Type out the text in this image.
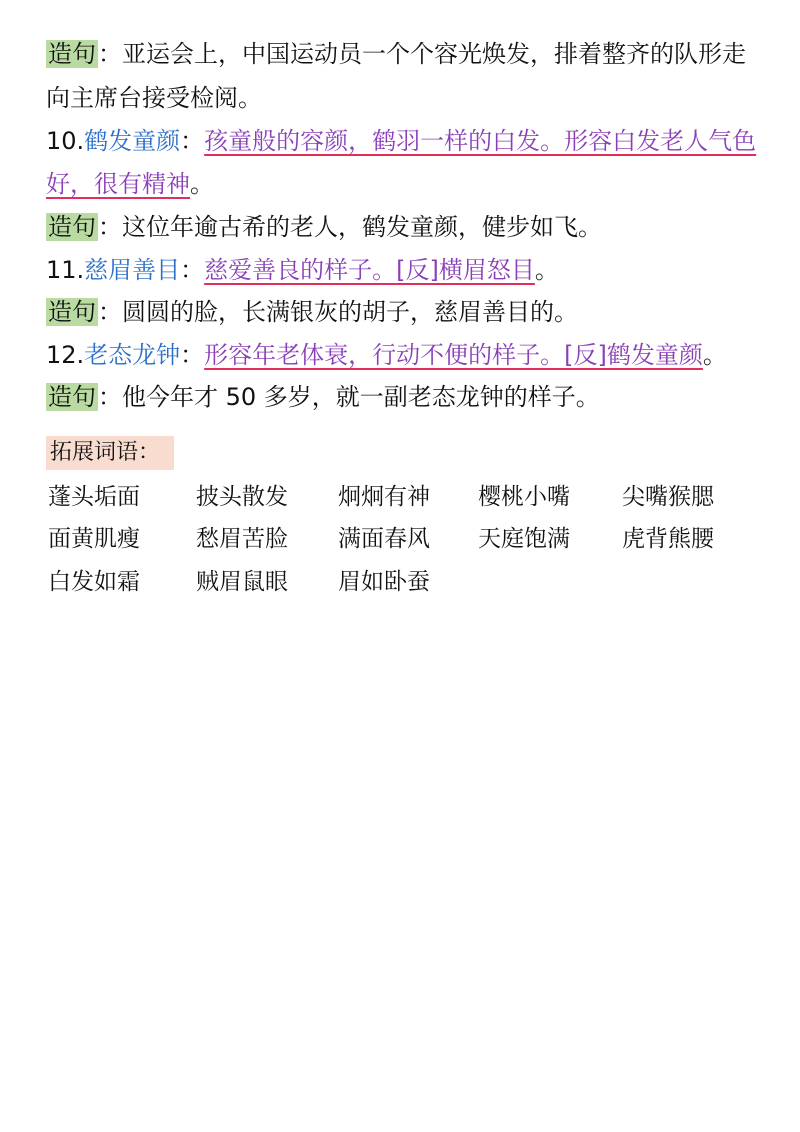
造句：亚运会上，中国运动员一个个容光焕发，排着整齐的队形走
向主席台接受检阅。
10.鹤发童颜：孩童般的容颜，鹤羽一样的白发。形容白发老人气色
好，很有精神。
造句：这位年逾古希的老人，鹤发童颜，健步如飞。
11.慈眉善目：慈爱善良的样子。[反]横眉怒目。
造句：圆圆的脸，长满银灰的胡子，慈眉善目的。
12.老态龙钟：形容年老体衰，行动不便的样子。[反]鹤发童颜。
造句：他今年才 50 多岁，就一副老态龙钟的样子。
拓展词语：
蓬头垢面 披头散发 炯炯有神 樱桃小嘴 尖嘴猴腮
面黄肌瘦 愁眉苦脸 满面春风 天庭饱满 虎背熊腰
白发如霜 贼眉鼠眼 眉如卧蚕
